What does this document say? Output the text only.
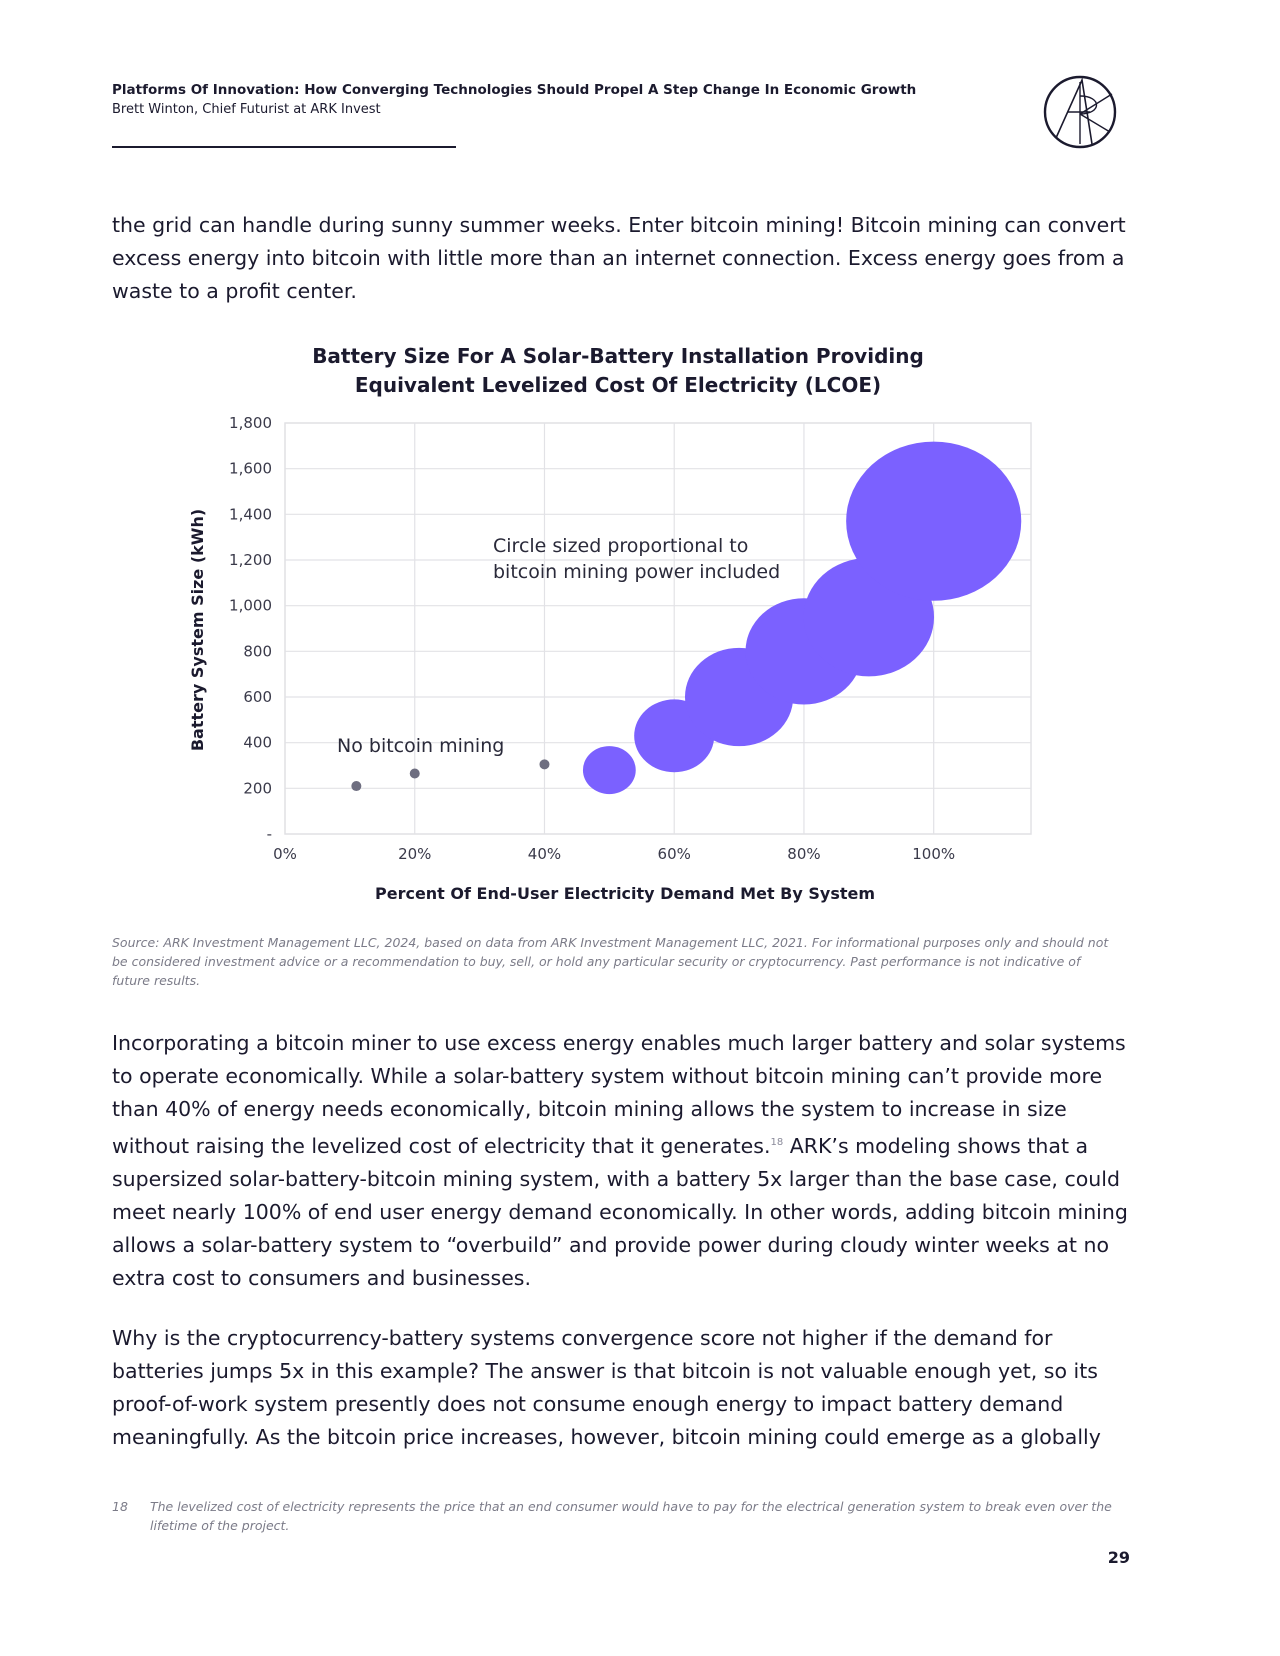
Platforms Of Innovation: How Converging Technologies Should Propel A Step Change In Economic Growth
Brett Winton, Chief Futurist at ARK Invest

the grid can handle during sunny summer weeks. Enter bitcoin mining! Bitcoin mining can convert excess energy into bitcoin with little more than an internet connection. Excess energy goes from a waste to a profit center.

Battery Size For A Solar-Battery Installation Providing
Equivalent Levelized Cost Of Electricity (LCOE)
-
200
400
600
800
1,000
1,200
1,400
1,600
1,800
0%	20%	40%	60%	80%	100%
Circle sized proportional to
bitcoin mining power included
No bitcoin mining
Percent Of End-User Electricity Demand Met By System
Battery System Size (kWh)
Source: ARK Investment Management LLC, 2024, based on data from ARK Investment Management LLC, 2021. For informational purposes only and should not be considered investment advice or a recommendation to buy, sell, or hold any particular security or cryptocurrency. Past performance is not indicative of future results.

Incorporating a bitcoin miner to use excess energy enables much larger battery and solar systems to operate economically. While a solar-battery system without bitcoin mining can’t provide more than 40% of energy needs economically, bitcoin mining allows the system to increase in size without raising the levelized cost of electricity that it generates.$^{18}$ ARK’s modeling shows that a supersized solar-battery-bitcoin mining system, with a battery 5x larger than the base case, could meet nearly 100% of end user energy demand economically. In other words, adding bitcoin mining allows a solar-battery system to “overbuild” and provide power during cloudy winter weeks at no extra cost to consumers and businesses.

Why is the cryptocurrency-battery systems convergence score not higher if the demand for batteries jumps 5x in this example? The answer is that bitcoin is not valuable enough yet, so its proof-of-work system presently does not consume enough energy to impact battery demand meaningfully. As the bitcoin price increases, however, bitcoin mining could emerge as a globally

18 The levelized cost of electricity represents the price that an end consumer would have to pay for the electrical generation system to break even over the lifetime of the project.
29
